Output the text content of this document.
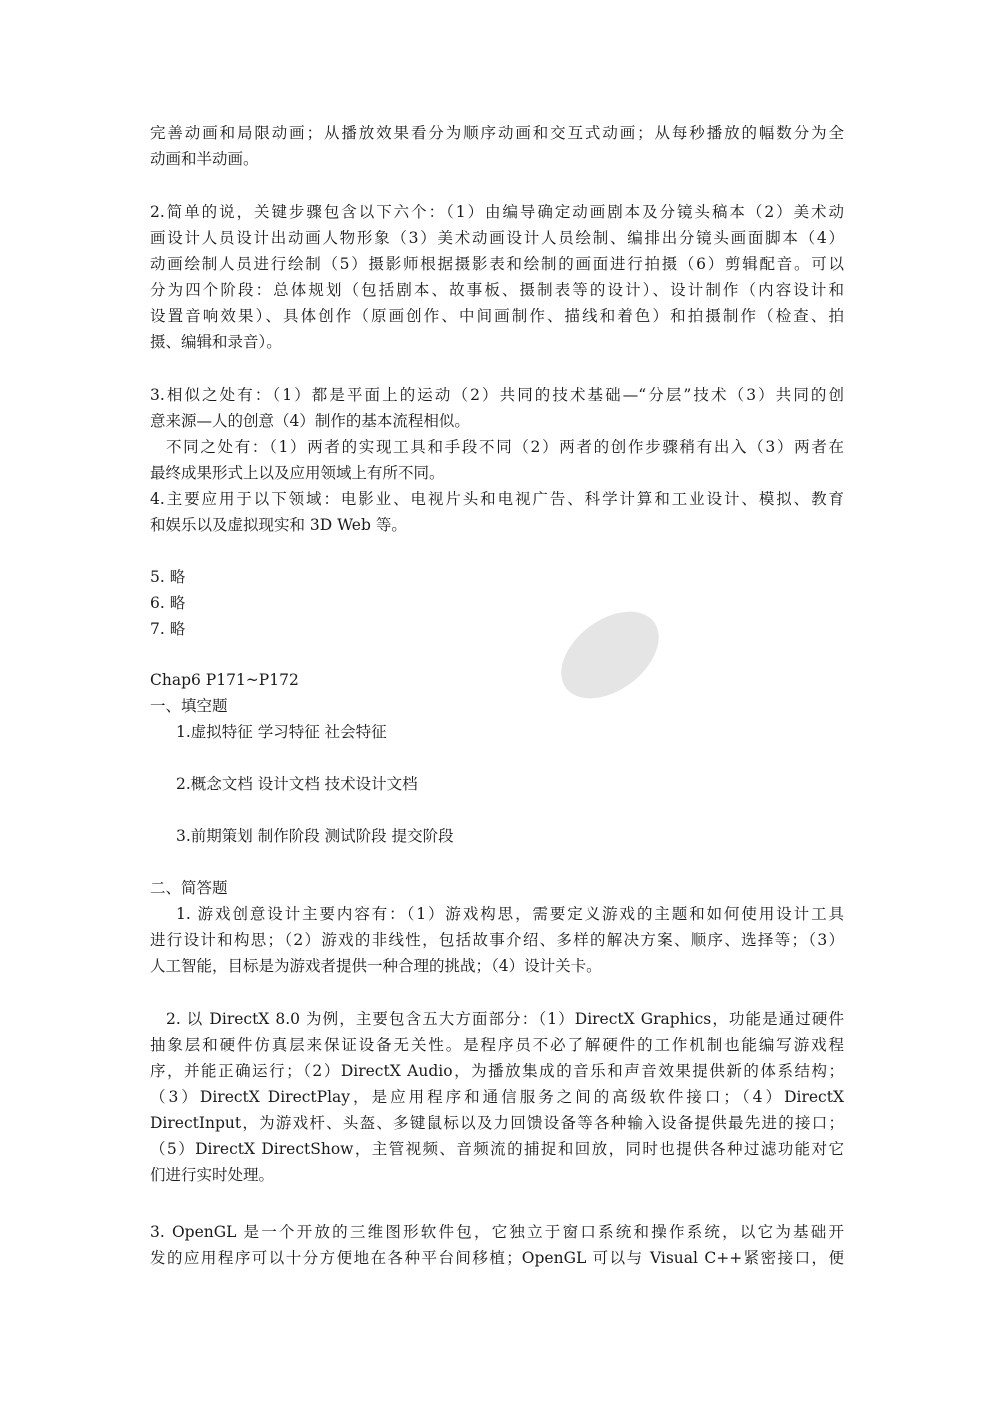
完善动画和局限动画；从播放效果看分为顺序动画和交互式动画；从每秒播放的幅数分为全
动画和半动画。
2.简单的说，关键步骤包含以下六个：（1）由编导确定动画剧本及分镜头稿本（2）美术动
画设计人员设计出动画人物形象（3）美术动画设计人员绘制、编排出分镜头画面脚本（4）
动画绘制人员进行绘制（5）摄影师根据摄影表和绘制的画面进行拍摄（6）剪辑配音。可以
分为四个阶段：总体规划（包括剧本、故事板、摄制表等的设计）、设计制作（内容设计和
设置音响效果）、具体创作（原画创作、中间画制作、描线和着色）和拍摄制作（检查、拍
摄、编辑和录音）。
3.相似之处有：（1）都是平面上的运动（2）共同的技术基础—“分层”技术（3）共同的创
意来源—人的创意（4）制作的基本流程相似。
不同之处有：（1）两者的实现工具和手段不同（2）两者的创作步骤稍有出入（3）两者在
最终成果形式上以及应用领域上有所不同。
4.主要应用于以下领域：电影业、电视片头和电视广告、科学计算和工业设计、模拟、教育
和娱乐以及虚拟现实和 3D Web 等。
5. 略
6. 略
7. 略
Chap6 P171~P172
一、填空题
1.虚拟特征 学习特征 社会特征
2.概念文档 设计文档 技术设计文档
3.前期策划 制作阶段 测试阶段 提交阶段
二、简答题
1. 游戏创意设计主要内容有：（1）游戏构思，需要定义游戏的主题和如何使用设计工具
进行设计和构思；（2）游戏的非线性，包括故事介绍、多样的解决方案、顺序、选择等；（3）
人工智能，目标是为游戏者提供一种合理的挑战；（4）设计关卡。
2. 以 DirectX 8.0 为例，主要包含五大方面部分：（1）DirectX Graphics，功能是通过硬件
抽象层和硬件仿真层来保证设备无关性。是程序员不必了解硬件的工作机制也能编写游戏程
序，并能正确运行；（2）DirectX Audio，为播放集成的音乐和声音效果提供新的体系结构；
（3）DirectX DirectPlay，是应用程序和通信服务之间的高级软件接口；（4）DirectX
DirectInput，为游戏杆、头盔、多键鼠标以及力回馈设备等各种输入设备提供最先进的接口；
（5）DirectX DirectShow，主管视频、音频流的捕捉和回放，同时也提供各种过滤功能对它
们进行实时处理。
3. OpenGL 是一个开放的三维图形软件包，它独立于窗口系统和操作系统，以它为基础开
发的应用程序可以十分方便地在各种平台间移植；OpenGL 可以与 Visual C++紧密接口，便
